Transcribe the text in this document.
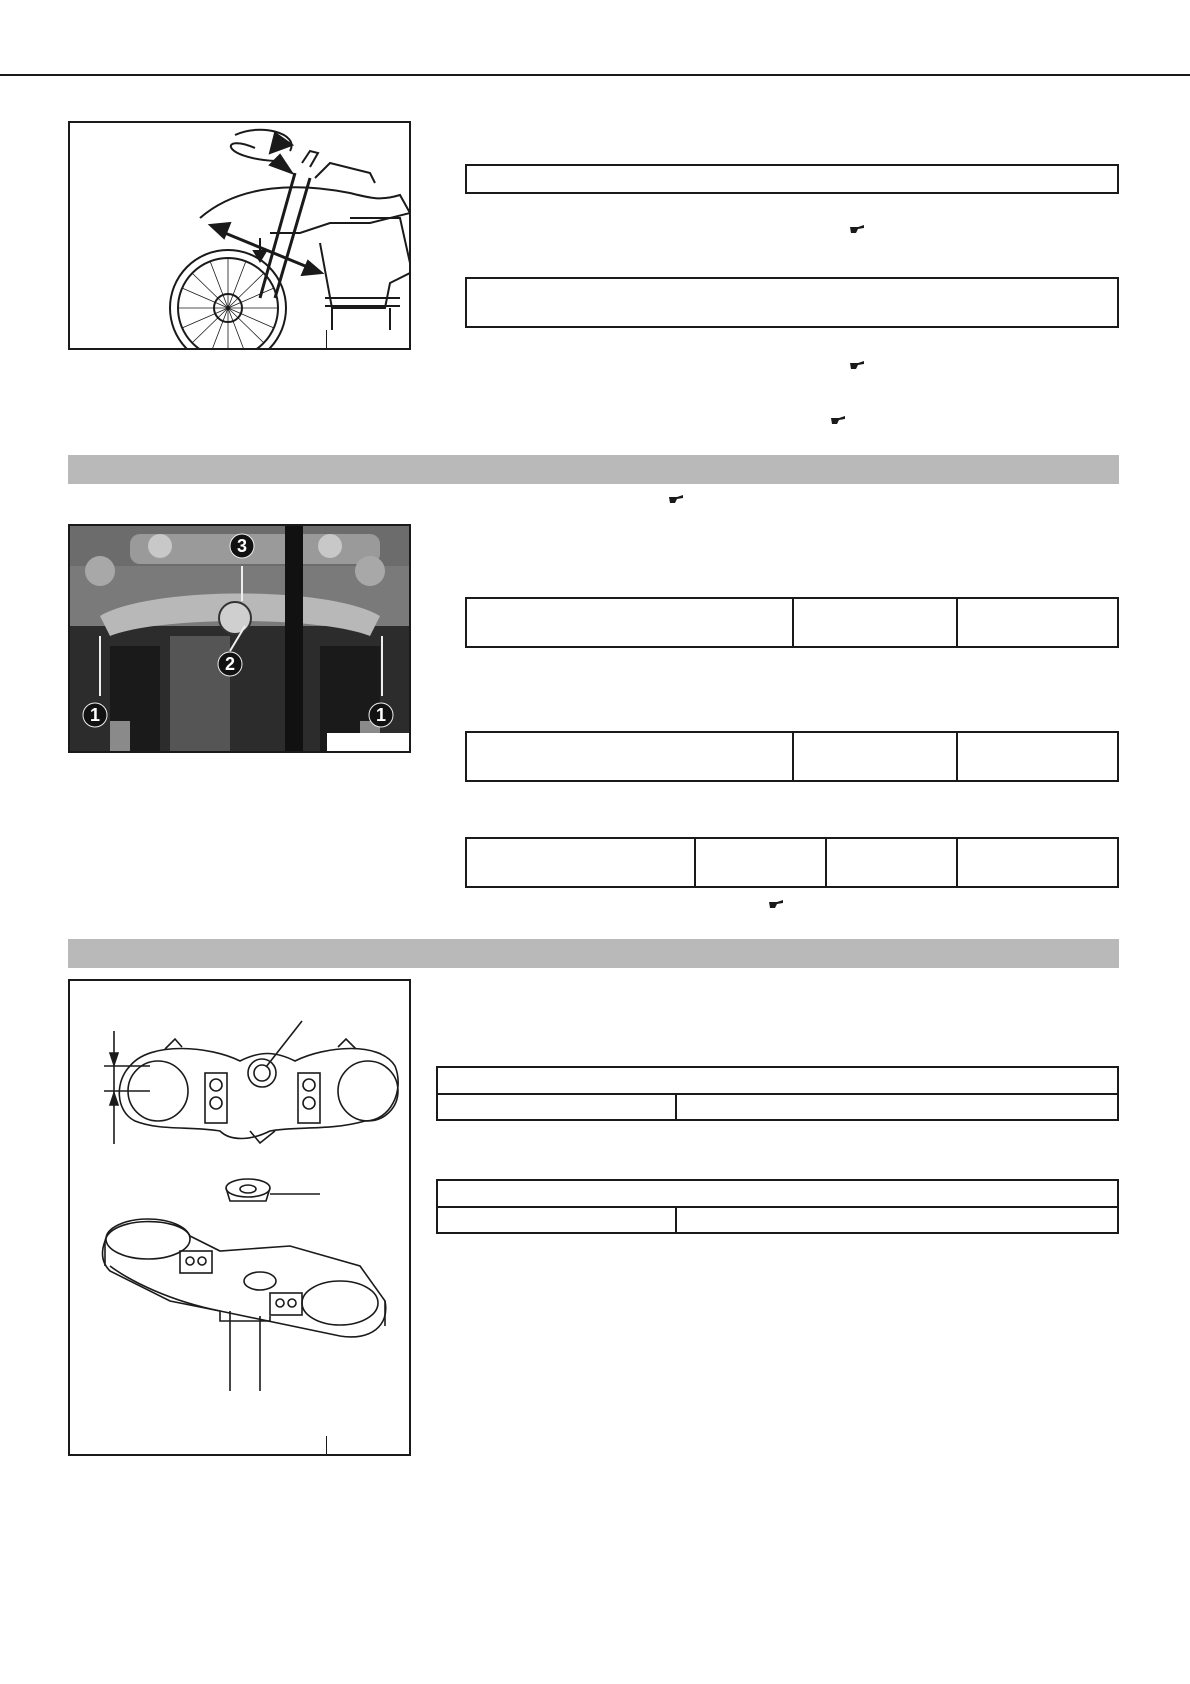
3
2
1	1
